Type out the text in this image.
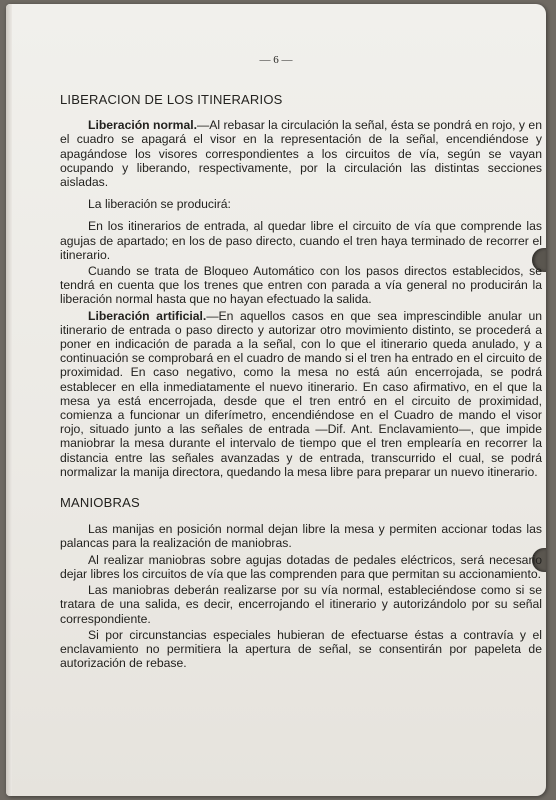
— 6 —
LIBERACION DE LOS ITINERARIOS

Liberación normal.—Al rebasar la circulación la señal, ésta se pondrá en rojo, y en el cuadro se apagará el visor en la representación de la señal, encendiéndose y apagándose los visores correspondientes a los circuitos de vía, según se vayan ocupando y liberando, respectivamente, por la circulación las distintas secciones aisladas.

La liberación se producirá:

En los itinerarios de entrada, al quedar libre el circuito de vía que comprende las agujas de apartado; en los de paso directo, cuando el tren haya terminado de recorrer el itinerario.

Cuando se trata de Bloqueo Automático con los pasos directos establecidos, se tendrá en cuenta que los trenes que entren con parada a vía general no producirán la liberación normal hasta que no hayan efectuado la salida.

Liberación artificial.—En aquellos casos en que sea imprescindible anular un itinerario de entrada o paso directo y autorizar otro movimiento distinto, se procederá a poner en indicación de parada a la señal, con lo que el itinerario queda anulado, y a continuación se comprobará en el cuadro de mando si el tren ha entrado en el circuito de proximidad. En caso negativo, como la mesa no está aún encerrojada, se podrá establecer en ella inmediatamente el nuevo itinerario. En caso afirmativo, en el que la mesa ya está encerrojada, desde que el tren entró en el circuito de proximidad, comienza a funcionar un diferímetro, encendiéndose en el Cuadro de mando el visor rojo, situado junto a las señales de entrada —Dif. Ant. Enclavamiento—, que impide maniobrar la mesa durante el intervalo de tiempo que el tren emplearía en recorrer la distancia entre las señales avanzadas y de entrada, transcurrido el cual, se podrá normalizar la manija directora, quedando la mesa libre para preparar un nuevo itinerario.

MANIOBRAS

Las manijas en posición normal dejan libre la mesa y permiten accionar todas las palancas para la realización de maniobras.

Al realizar maniobras sobre agujas dotadas de pedales eléctricos, será necesario dejar libres los circuitos de vía que las comprenden para que permitan su accionamiento.

Las maniobras deberán realizarse por su vía normal, estableciéndose como si se tratara de una salida, es decir, encerrojando el itinerario y autorizándolo por su señal correspondiente.

Si por circunstancias especiales hubieran de efectuarse éstas a contravía y el enclavamiento no permitiera la apertura de señal, se consentirán por papeleta de autorización de rebase.
